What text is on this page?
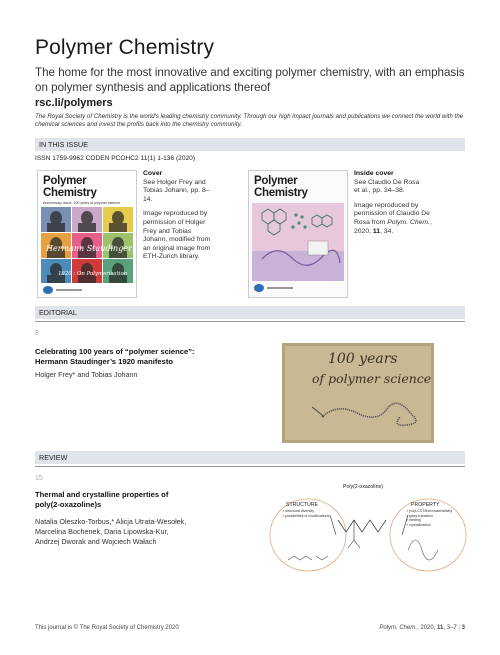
Polymer Chemistry
The home for the most innovative and exciting polymer chemistry, with an emphasis on polymer synthesis and applications thereof
rsc.li/polymers
The Royal Society of Chemistry is the world's leading chemistry community. Through our high impact journals and publications we connect the world with the chemical sciences and invest the profits back into the chemistry community.
IN THIS ISSUE
ISSN 1759-9962 CODEN PCOHC2 11(1) 1-136 (2020)
Polymer
Chemistry
Anniversary issue: 100 years of polymer science
Hermann Staudinger
1920 : On Polymerisation
Cover
See Holger Frey and Tobias Johann, pp. 8–14.
Image reproduced by permission of Holger Frey and Tobias Johann, modified from an original image from ETH-Zurich library.
Polymer
Chemistry
Inside cover
See Claudio De Rosa
et al., pp. 34–38.
Image reproduced by permission of Claudio De Rosa from Polym. Chem., 2020, 11, 34.
EDITORIAL
8
Celebrating 100 years of “polymer science”:
Hermann Staudinger’s 1920 manifesto
Holger Frey* and Tobias Johann
100 years
of polymer science
REVIEW
15
Thermal and crystalline properties of
poly(2-oxazoline)s
Natalia Oleszko-Torbus,* Alicja Utrata-Wesołek,
Marcelina Bochenek, Daria Lipowska-Kur,
Andrzej Dworak and Wojciech Wałach
Poly(2-oxazoline)
STRUCTURE
✓structural diversity
✓possibilities of modifications
PROPERTY
✓(co)LCST/thermosensitivity
✓glass transition
✓melting
✓crystallization
This journal is © The Royal Society of Chemistry 2020	Polym. Chem., 2020, 11, 3–7 | 3
